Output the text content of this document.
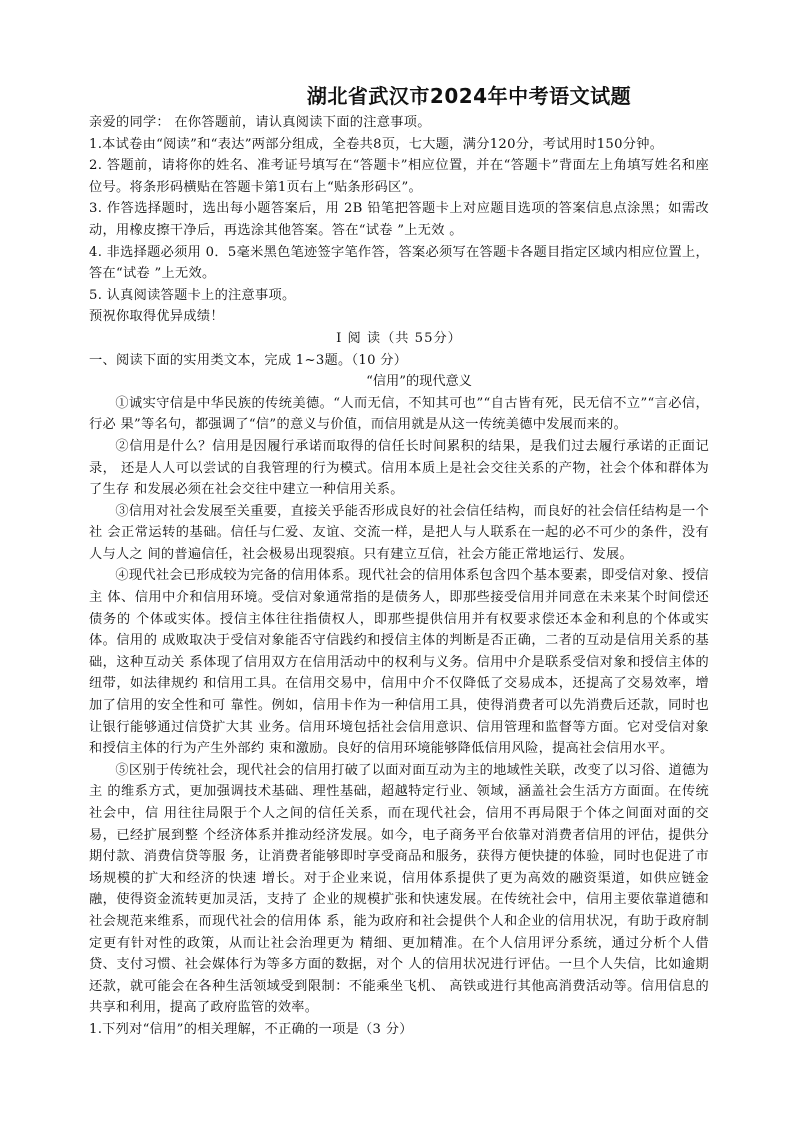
湖北省武汉市2024年中考语文试题

亲爱的同学： 在你答题前，请认真阅读下面的注意事项。

1.本试卷由“阅读”和“表达”两部分组成，全卷共8页，七大题，满分120分，考试用时150分钟。

2. 答题前，请将你的姓名、准考证号填写在“答题卡”相应位置，并在“答题卡”背面左上角填写姓名和座 位号。将条形码横贴在答题卡第1页右上“贴条形码区”。

3. 作答选择题时，选出每小题答案后，用 2B 铅笔把答题卡上对应题目选项的答案信息点涂黑；如需改 动，用橡皮擦干净后，再选涂其他答案。答在“试卷 ”上无效 。

4. 非选择题必须用 0．5毫米黑色笔迹签字笔作答，答案必须写在答题卡各题目指定区域内相应位置上， 答在“试卷 ”上无效。

5. 认真阅读答题卡上的注意事项。

预祝你取得优异成绩！

I 阅 读（共 55分）

一、阅读下面的实用类文本，完成 1~3题。（10 分）

“信用”的现代意义

①诚实守信是中华民族的传统美德。“人而无信，不知其可也”“自古皆有死，民无信不立”“言必信，行必 果”等名句，都强调了“信”的意义与价值，而信用就是从这一传统美德中发展而来的。

②信用是什么？信用是因履行承诺而取得的信任长时间累积的结果，是我们过去履行承诺的正面记录， 还是人人可以尝试的自我管理的行为模式。信用本质上是社会交往关系的产物，社会个体和群体为了生存 和发展必须在社会交往中建立一种信用关系。

③信用对社会发展至关重要，直接关乎能否形成良好的社会信任结构，而良好的社会信任结构是一个社 会正常运转的基础。信任与仁爱、友谊、交流一样，是把人与人联系在一起的必不可少的条件，没有人与人之 间的普遍信任，社会极易出现裂痕。只有建立互信，社会方能正常地运行、发展。

④现代社会已形成较为完备的信用体系。现代社会的信用体系包含四个基本要素，即受信对象、授信主 体、信用中介和信用环境。受信对象通常指的是债务人，即那些接受信用并同意在未来某个时间偿还债务的 个体或实体。授信主体往往指债权人，即那些提供信用并有权要求偿还本金和利息的个体或实体。信用的 成败取决于受信对象能否守信践约和授信主体的判断是否正确，二者的互动是信用关系的基础，这种互动关 系体现了信用双方在信用活动中的权利与义务。信用中介是联系受信对象和授信主体的纽带，如法律规约 和信用工具。在信用交易中，信用中介不仅降低了交易成本，还提高了交易效率，增加了信用的安全性和可 靠性。例如，信用卡作为一种信用工具，使得消费者可以先消费后还款，同时也让银行能够通过信贷扩大其 业务。信用环境包括社会信用意识、信用管理和监督等方面。它对受信对象和授信主体的行为产生外部约 束和激励。良好的信用环境能够降低信用风险，提高社会信用水平。

⑤区别于传统社会，现代社会的信用打破了以面对面互动为主的地域性关联，改变了以习俗、道德为主 的维系方式，更加强调技术基础、理性基础，超越特定行业、领域，涵盖社会生活方方面面。在传统社会中，信 用往往局限于个人之间的信任关系，而在现代社会，信用不再局限于个体之间面对面的交易，已经扩展到整 个经济体系并推动经济发展。如今，电子商务平台依靠对消费者信用的评估，提供分期付款、消费信贷等服 务，让消费者能够即时享受商品和服务，获得方便快捷的体验，同时也促进了市场规模的扩大和经济的快速 增长。对于企业来说，信用体系提供了更为高效的融资渠道，如供应链金融，使得资金流转更加灵活，支持了 企业的规模扩张和快速发展。在传统社会中，信用主要依靠道德和社会规范来维系，而现代社会的信用体 系，能为政府和社会提供个人和企业的信用状况，有助于政府制定更有针对性的政策，从而让社会治理更为 精细、更加精准。在个人信用评分系统，通过分析个人借贷、支付习惯、社会媒体行为等多方面的数据，对个 人的信用状况进行评估。一旦个人失信，比如逾期还款，就可能会在各种生活领域受到限制：不能乘坐飞机、 高铁或进行其他高消费活动等。信用信息的共享和利用，提高了政府监管的效率。

1.下列对“信用”的相关理解，不正确的一项是（3 分）
